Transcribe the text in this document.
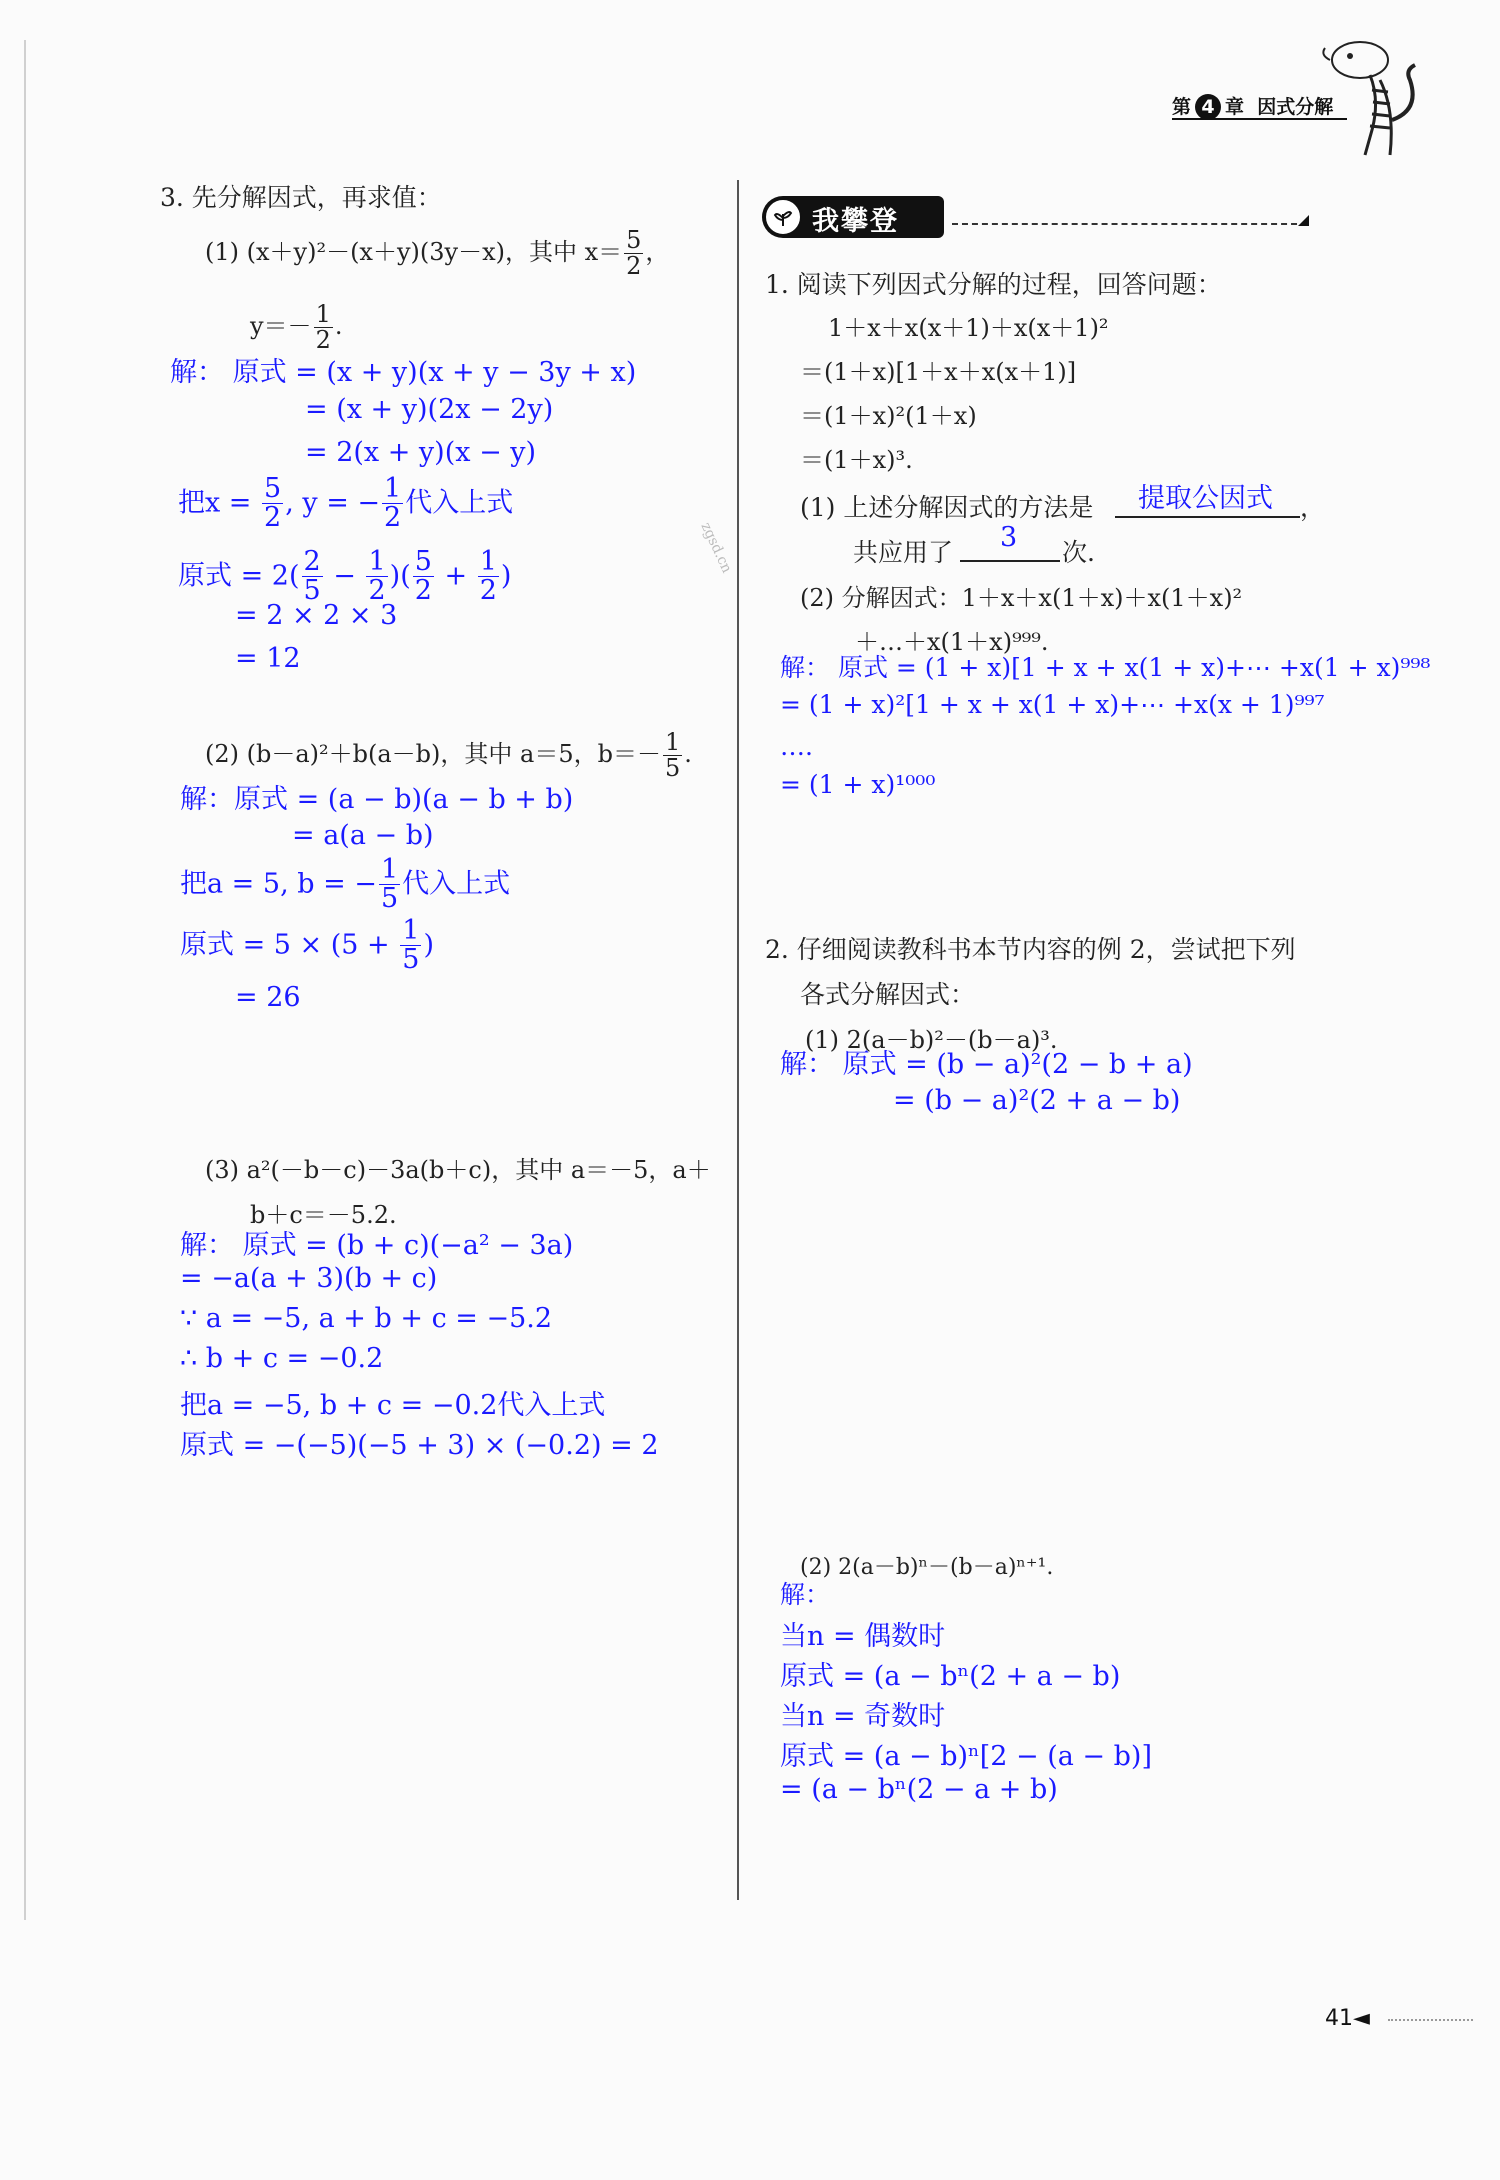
第 4 章 因式分解
我攀登
zgsd.cn
3. 先分解因式，再求值：
(1) (x＋y)²－(x＋y)(3y－x)，其中 $x= \frac{5}{2}$ ，
$y=- \frac{1}{2}$ .
解： 原式 = (x + y)(x + y − 3y + x)
= (x + y)(2x − 2y)
= 2(x + y)(x − y)
把$x = \frac{5}{2}$ , y = − $\frac{1}{2}$ 代入上式
原式 = $2( \frac{2}{5} - \frac{1}{2}$ )( $\frac{5}{2} + \frac{1}{2}$ )
= 2 × 2 × 3
= 12
(2) (b－a)²＋b(a－b)，其中 a＝5，$b=- \frac{1}{5}$ .
解：原式 = (a − b)(a − b + b)
= a(a − b)
把a = 5, b = − $\frac{1}{5}$ 代入上式
原式 = $5 \times (5 + \frac{1}{5}$ )
= 26
(3) a²(－b－c)－3a(b＋c)，其中 a＝－5，a＋
b＋c＝－5.2.
解： 原式 = (b + c)(−a² − 3a)
= −a(a + 3)(b + c)
∵ a = −5, a + b + c = −5.2
∴ b + c = −0.2
把a = −5, b + c = −0.2代入上式
原式 = −(−5)(−5 + 3) × (−0.2) = 2
1. 阅读下列因式分解的过程，回答问题：
1＋x＋x(x＋1)＋x(x＋1)²
＝(1＋x)[1＋x＋x(x＋1)]
＝(1＋x)²(1＋x)
＝(1＋x)³.
(1) 上述分解因式的方法是 提取公因式 ，
共应用了 3 次.
(2) 分解因式：1＋x＋x(1＋x)＋x(1＋x)²
＋…＋x(1＋x)⁹⁹⁹.
解： 原式 = (1 + x)[1 + x + x(1 + x)+⋯ +x(1 + x)⁹⁹⁸
= (1 + x)²[1 + x + x(1 + x)+⋯ +x(x + 1)⁹⁹⁷
….
= (1 + x)¹⁰⁰⁰
2. 仔细阅读教科书本节内容的例 2，尝试把下列
各式分解因式：
(1) 2(a－b)²－(b－a)³.
解： 原式 = (b − a)²(2 − b + a)
= (b − a)²(2 + a − b)
(2) 2(a－b)ⁿ－(b－a)ⁿ⁺¹.
解：
当n = 偶数时
原式 = (a − bⁿ(2 + a − b)
当n = 奇数时
原式 = (a − b)ⁿ[2 − (a − b)]
= (a − bⁿ(2 − a + b)
41◄
